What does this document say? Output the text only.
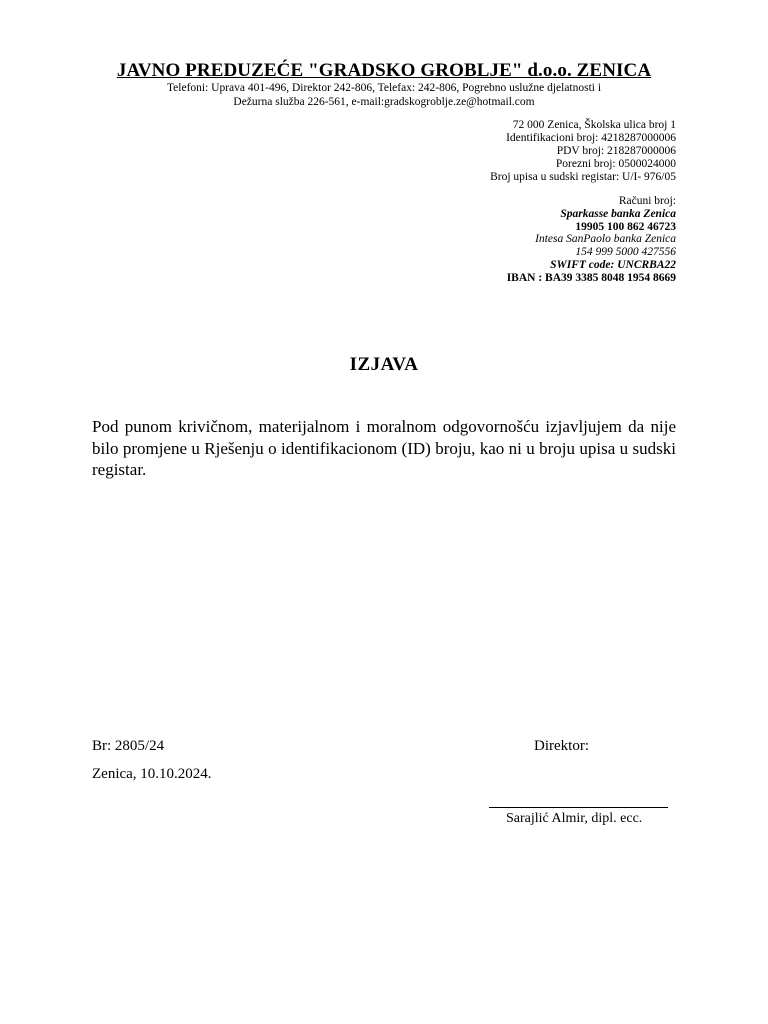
JAVNO PREDUZEĆE "GRADSKO GROBLJE" d.o.o. ZENICA
Telefoni: Uprava 401-496, Direktor 242-806, Telefax: 242-806, Pogrebno uslužne djelatnosti i
Dežurna služba 226-561, e-mail:gradskogroblje.ze@hotmail.com
72 000 Zenica, Školska ulica broj 1
Identifikacioni broj: 4218287000006
PDV broj: 218287000006
Porezni broj: 0500024000
Broj upisa u sudski registar: U/I- 976/05
Računi broj:
Sparkasse banka Zenica
19905 100 862 46723
Intesa SanPaolo banka Zenica
154 999 5000 427556
SWIFT code: UNCRBA22
IBAN : BA39 3385 8048 1954 8669
IZJAVA
Pod punom krivičnom, materijalnom i moralnom odgovornošću izjavljujem da nije bilo promjene u Rješenju o identifikacionom (ID) broju, kao ni u broju upisa u sudski registar.
Br: 2805/24
Zenica, 10.10.2024.
Direktor:
Sarajlić Almir, dipl. ecc.
